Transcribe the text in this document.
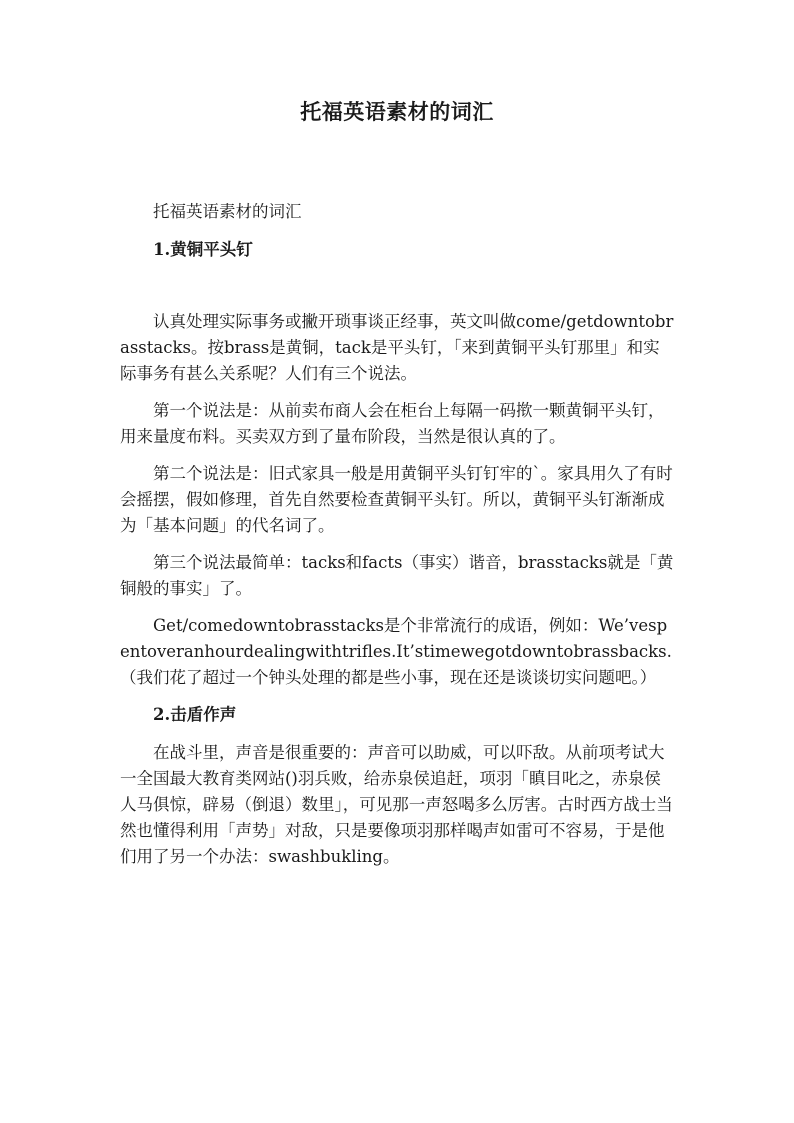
托福英语素材的词汇

托福英语素材的词汇

1.黄铜平头钉

认真处理实际事务或撇开琐事谈正经事，英文叫做come/getdowntobrasstacks。按brass是黄铜，tack是平头钉，「来到黄铜平头钉那里」和实际事务有甚么关系呢？人们有三个说法。

第一个说法是：从前卖布商人会在柜台上每隔一码揿一颗黄铜平头钉，用来量度布料。买卖双方到了量布阶段，当然是很认真的了。

第二个说法是：旧式家具一般是用黄铜平头钉钉牢的`。家具用久了有时会摇摆，假如修理，首先自然要检查黄铜平头钉。所以，黄铜平头钉渐渐成为「基本问题」的代名词了。

第三个说法最简单：tacks和facts（事实）谐音，brasstacks就是「黄铜般的事实」了。

Get/comedowntobrasstacks是个非常流行的成语，例如：We’vespentoveranhourdealingwithtrifles.It’stimewegotdowntobrassbacks.（我们花了超过一个钟头处理的都是些小事，现在还是谈谈切实问题吧。）

2.击盾作声

在战斗里，声音是很重要的：声音可以助威，可以吓敌。从前项考试大一全国最大教育类网站()羽兵败，给赤泉侯追赶，项羽「瞋目叱之，赤泉侯人马俱惊，辟易（倒退）数里」，可见那一声怒喝多么厉害。古时西方战士当然也懂得利用「声势」对敌，只是要像项羽那样喝声如雷可不容易，于是他们用了另一个办法：swashbukling。
